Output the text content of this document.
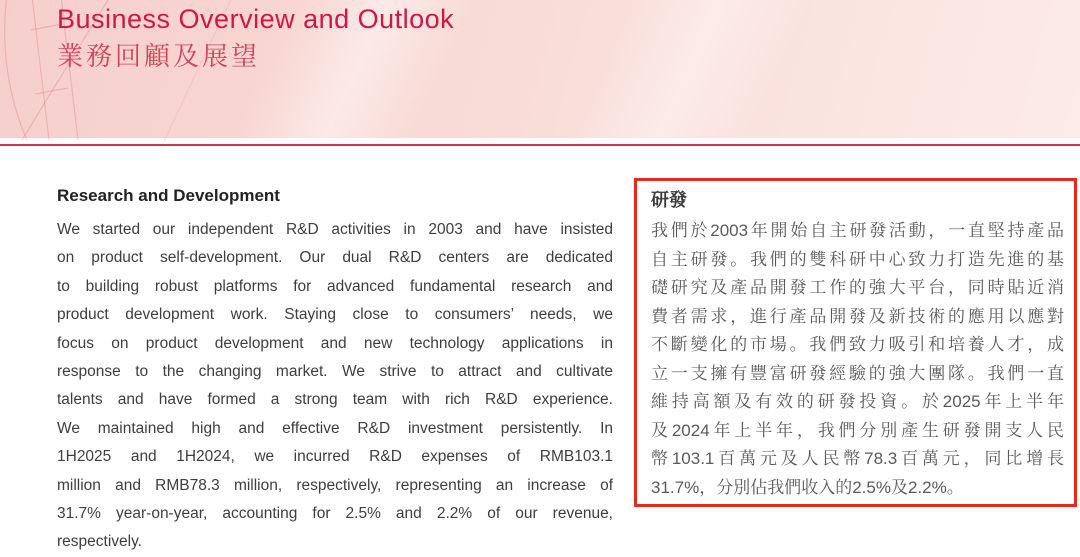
Business Overview and Outlook
業務回顧及展望
Research and Development
We started our independent R&D activities in 2003 and have insisted
on product self-development. Our dual R&D centers are dedicated
to building robust platforms for advanced fundamental research and
product development work. Staying close to consumers’ needs, we
focus on product development and new technology applications in
response to the changing market. We strive to attract and cultivate
talents and have formed a strong team with rich R&D experience.
We maintained high and effective R&D investment persistently. In
1H2025 and 1H2024, we incurred R&D expenses of RMB103.1
million and RMB78.3 million, respectively, representing an increase of
31.7% year-on-year, accounting for 2.5% and 2.2% of our revenue,
respectively.
研發
我們於2003年開始自主研發活動，一直堅持產品
自主研發。我們的雙科研中心致力打造先進的基
礎研究及產品開發工作的強大平台，同時貼近消
費者需求，進行產品開發及新技術的應用以應對
不斷變化的市場。我們致力吸引和培養人才，成
立一支擁有豐富研發經驗的強大團隊。我們一直
維持高額及有效的研發投資。於2025年上半年
及2024年上半年，我們分別產生研發開支人民
幣103.1百萬元及人民幣78.3百萬元，同比增長
31.7%，分別佔我們收入的2.5%及2.2%。
